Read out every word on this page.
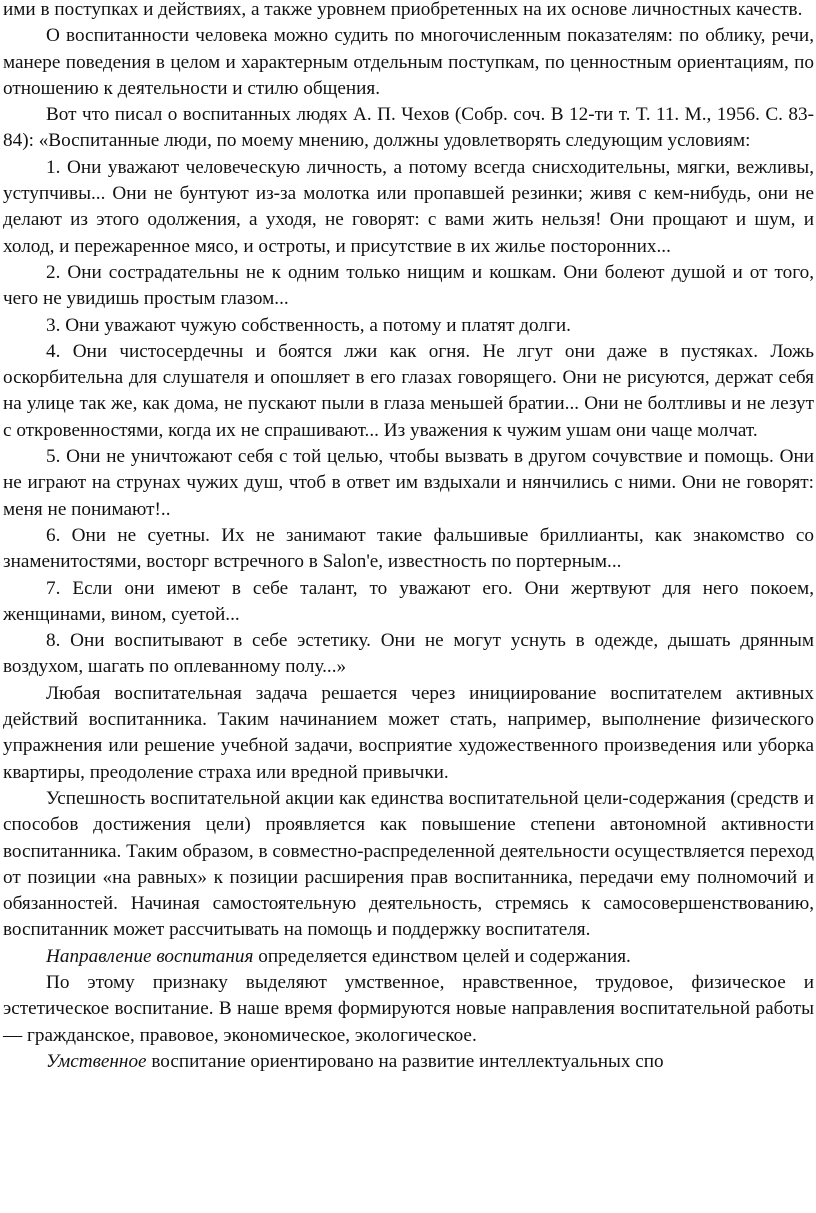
ими в поступках и действиях, а также уровнем приобретенных на их основе личностных качеств.

О воспитанности человека можно судить по многочисленным показателям: по облику, речи, манере поведения в целом и характерным отдельным поступкам, по ценностным ориентациям, по отношению к деятельности и стилю общения.

Вот что писал о воспитанных людях А. П. Чехов (Собр. соч. В 12-ти т. Т. 11. М., 1956. С. 83-84): «Воспитанные люди, по моему мнению, должны удовлетворять следующим условиям:

1. Они уважают человеческую личность, а потому всегда снисходительны, мягки, вежливы, уступчивы... Они не бунтуют из-за молотка или пропавшей резинки; живя с кем-нибудь, они не делают из этого одолжения, а уходя, не говорят: с вами жить нельзя! Они прощают и шум, и холод, и пережаренное мясо, и остроты, и присутствие в их жилье посторонних...

2. Они сострадательны не к одним только нищим и кошкам. Они болеют душой и от того, чего не увидишь простым глазом...

3. Они уважают чужую собственность, а потому и платят долги.

4. Они чистосердечны и боятся лжи как огня. Не лгут они даже в пустяках. Ложь оскорбительна для слушателя и опошляет в его глазах говорящего. Они не рисуются, держат себя на улице так же, как дома, не пускают пыли в глаза меньшей братии... Они не болтливы и не лезут с откровенностями, когда их не спрашивают... Из уважения к чужим ушам они чаще молчат.

5. Они не уничтожают себя с той целью, чтобы вызвать в другом сочувствие и помощь. Они не играют на струнах чужих душ, чтоб в ответ им вздыхали и нянчились с ними. Они не говорят: меня не понимают!..

6. Они не суетны. Их не занимают такие фальшивые бриллианты, как знакомство со знаменитостями, восторг встречного в Salon'e, известность по портерным...

7. Если они имеют в себе талант, то уважают его. Они жертвуют для него покоем, женщинами, вином, суетой...

8. Они воспитывают в себе эстетику. Они не могут уснуть в одежде, дышать дрянным воздухом, шагать по оплеванному полу...»

Любая воспитательная задача решается через инициирование воспитателем активных действий воспитанника. Таким начинанием может стать, например, выполнение физического упражнения или решение учебной задачи, восприятие художественного произведения или уборка квартиры, преодоление страха или вредной привычки.

Успешность воспитательной акции как единства воспитательной цели-содержания (средств и способов достижения цели) проявляется как повышение степени автономной активности воспитанника. Таким образом, в совместно-распределенной деятельности осуществляется переход от позиции «на равных» к позиции расширения прав воспитанника, передачи ему полномочий и обязанностей. Начиная самостоятельную деятельность, стремясь к самосовершенствованию, воспитанник может рассчитывать на помощь и поддержку воспитателя.

Направление воспитания определяется единством целей и содержания.

По этому признаку выделяют умственное, нравственное, трудовое, физическое и эстетическое воспитание. В наше время формируются новые направления воспитательной работы — гражданское, правовое, экономическое, экологическое.

Умственное воспитание ориентировано на развитие интеллектуальных спо
